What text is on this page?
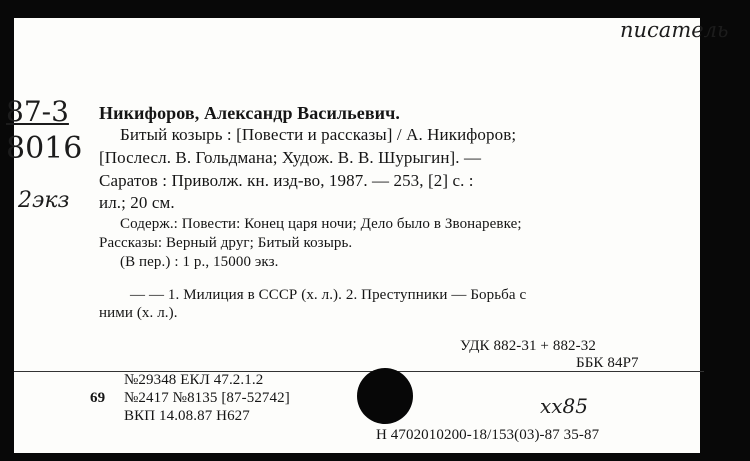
писатель
87-3
8016
2экз
хх85
Никифоров, Александр Васильевич.
Битый козырь : [Повести и рассказы] / А. Никифоров;
[Послесл. В. Гольдмана; Худож. В. В. Шурыгин]. —
Саратов : Приволж. кн. изд-во, 1987. — 253, [2] с. :
ил.; 20 см.
Содерж.: Повести: Конец царя ночи; Дело было в Звонаревке;
Рассказы: Верный друг; Битый козырь.
(В пер.) : 1 р., 15000 экз.
— — 1. Милиция в СССР (х. л.). 2. Преступники — Борьба с
ними (х. л.).
УДК 882-31 + 882-32
ББК 84Р7
№29348 ЕКЛ 47.2.1.2
69 №2417 №8135 [87-52742]
ВКП 14.08.87 Н627
Н 4702010200-18/153(03)-87 35-87
